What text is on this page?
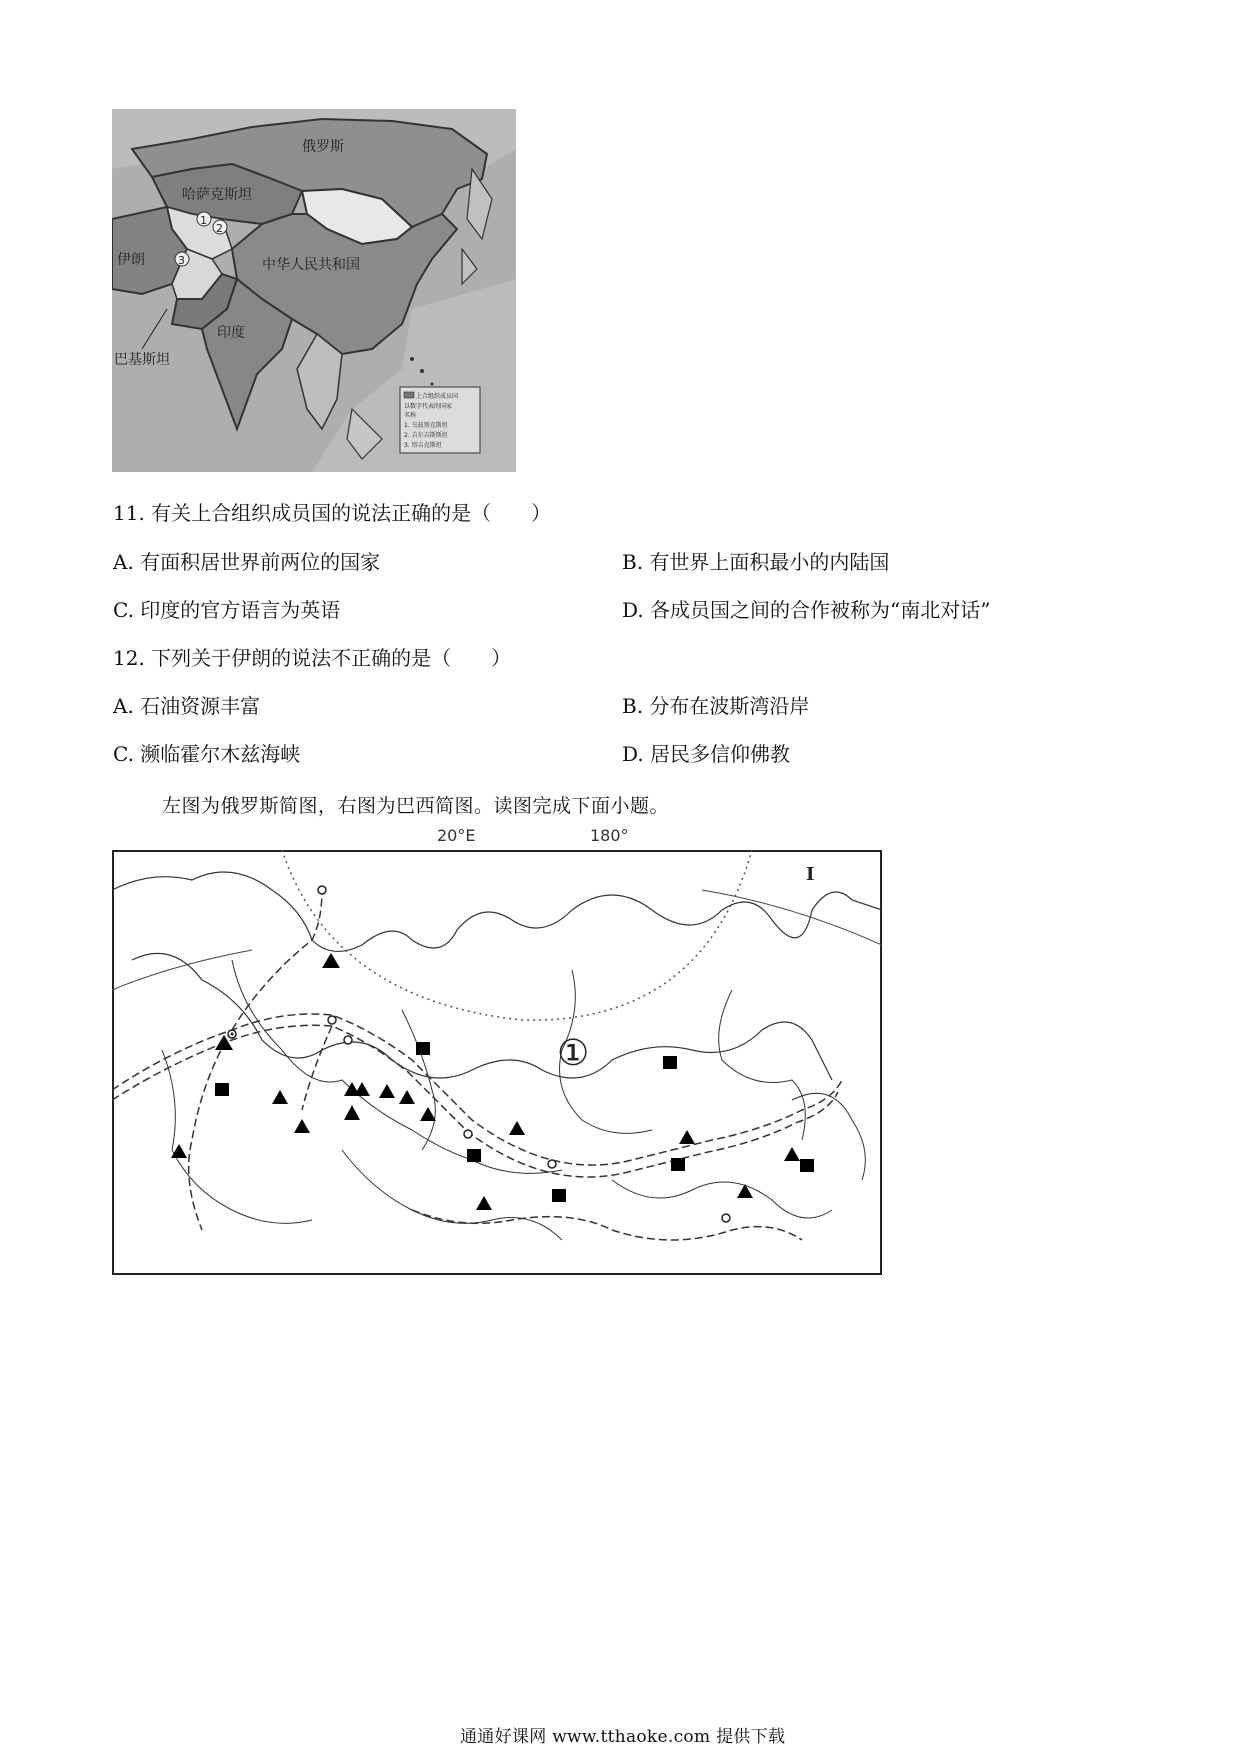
1
2
3
俄罗斯
哈萨克斯坦
伊朗	中华人民共和国
印度
巴基斯坦
上合组织成员国
以数字代表的国家
名称
1. 乌兹别克斯坦
2. 吉尔吉斯斯坦
3. 塔吉克斯坦
11. 有关上合组织成员国的说法正确的是（　　）
A. 有面积居世界前两位的国家	B. 有世界上面积最小的内陆国
C. 印度的官方语言为英语	D. 各成员国之间的合作被称为“南北对话”
12. 下列关于伊朗的说法不正确的是（　　）
A. 石油资源丰富	B. 分布在波斯湾沿岸
C. 濒临霍尔木兹海峡	D. 居民多信仰佛教
左图为俄罗斯简图，右图为巴西简图。读图完成下面小题。
20°E	180°
①
I
通通好课网 www.tthaoke.com 提供下载
